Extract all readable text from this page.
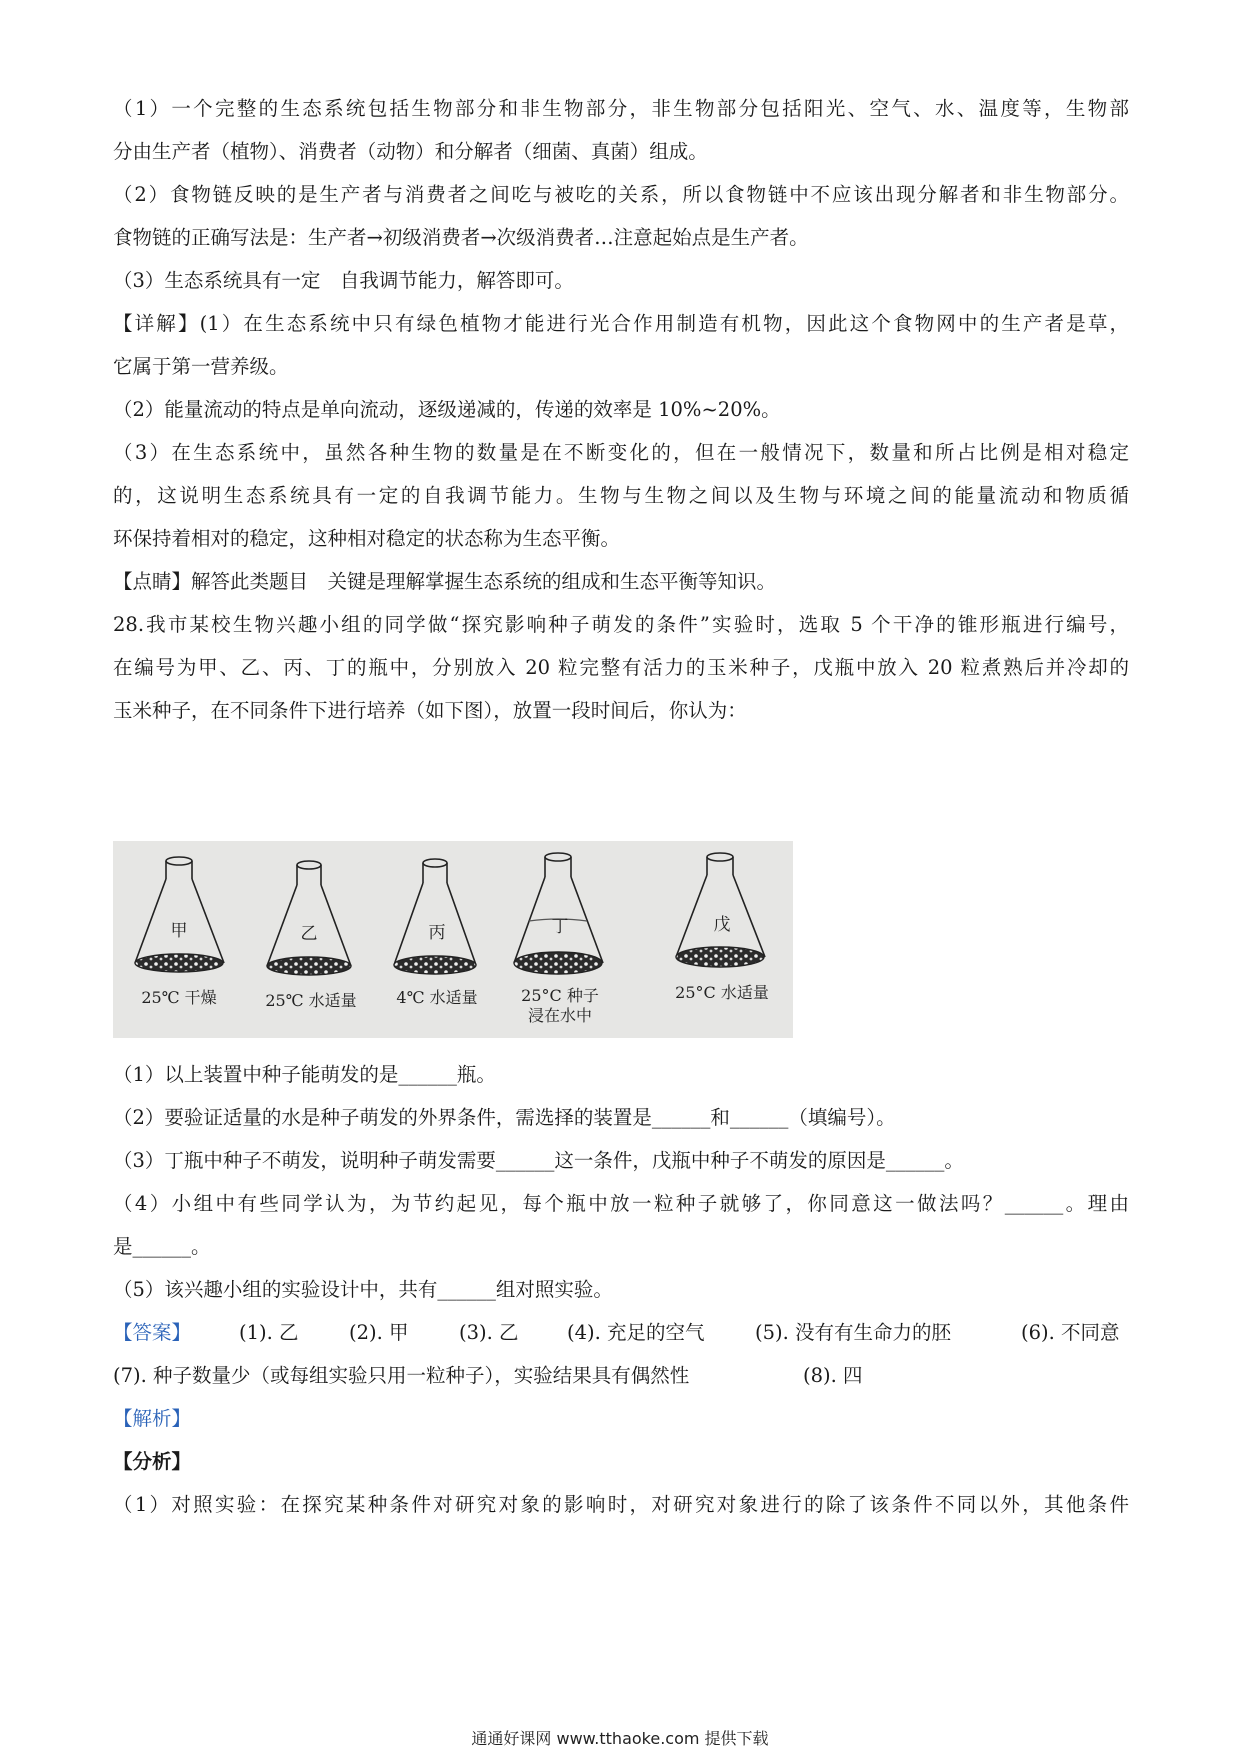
（1）一个完整的生态系统包括生物部分和非生物部分，非生物部分包括阳光、空气、水、温度等，生物部
分由生产者（植物）、消费者（动物）和分解者（细菌、真菌）组成。
（2）食物链反映的是生产者与消费者之间吃与被吃的关系，所以食物链中不应该出现分解者和非生物部分。
食物链的正确写法是：生产者→初级消费者→次级消费者…注意起始点是生产者。
（3）生态系统具有一定　自我调节能力，解答即可。
【详解】(1）在生态系统中只有绿色植物才能进行光合作用制造有机物，因此这个食物网中的生产者是草，
它属于第一营养级。
（2）能量流动的特点是单向流动，逐级递减的，传递的效率是 10%~20%。
（3）在生态系统中，虽然各种生物的数量是在不断变化的，但在一般情况下，数量和所占比例是相对稳定
的，这说明生态系统具有一定的自我调节能力。生物与生物之间以及生物与环境之间的能量流动和物质循
环保持着相对的稳定，这种相对稳定的状态称为生态平衡。
【点睛】解答此类题目　关键是理解掌握生态系统的组成和生态平衡等知识。
28.我市某校生物兴趣小组的同学做“探究影响种子萌发的条件”实验时，选取 5 个干净的锥形瓶进行编号，
在编号为甲、乙、丙、丁的瓶中，分别放入 20 粒完整有活力的玉米种子，戊瓶中放入 20 粒煮熟后并冷却的
玉米种子，在不同条件下进行培养（如下图），放置一段时间后，你认为：
甲	乙	丙	丁	戊
25℃ 干燥	25℃ 水适量 4℃ 水适量	25°C 种子
浸在水中
25°C 水适量
（1）以上装置中种子能萌发的是______瓶。
（2）要验证适量的水是种子萌发的外界条件，需选择的装置是______和______（填编号）。
（3）丁瓶中种子不萌发，说明种子萌发需要______这一条件，戊瓶中种子不萌发的原因是______。
（4）小组中有些同学认为，为节约起见，每个瓶中放一粒种子就够了，你同意这一做法吗？______。理由
是______。
（5）该兴趣小组的实验设计中，共有______组对照实验。
【答案】 (1). 乙	(2). 甲	(3). 乙 (4). 充足的空气	(5). 没有有生命力的胚	(6). 不同意
(7). 种子数量少（或每组实验只用一粒种子），实验结果具有偶然性	(8). 四
【解析】
【分析】
（1）对照实验：在探究某种条件对研究对象的影响时，对研究对象进行的除了该条件不同以外，其他条件
通通好课网 www.tthaoke.com 提供下载
